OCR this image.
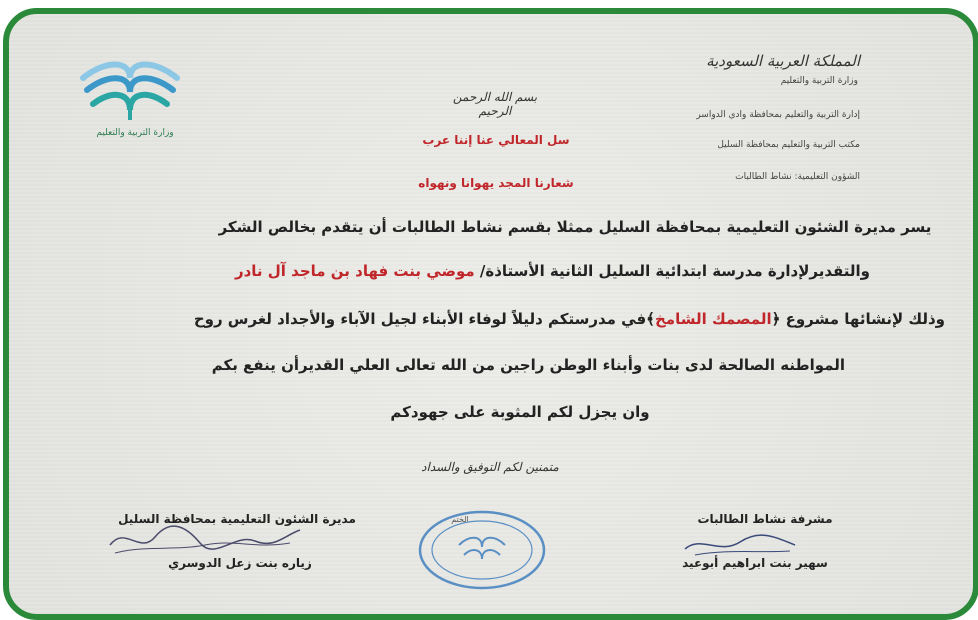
وزارة التربية والتعليم
المملكة العربية السعودية
وزارة التربية والتعليم
إدارة التربية والتعليم بمحافظة وادي الدواسر
مكتب التربية والتعليم بمحافظة السليل
الشؤون التعليمية: نشاط الطالبات
بسم الله الرحمن الرحيم
سل المعالي عنا إننا عرب
شعارنا المجد يهوانا ونهواه
يسر مديرة الشئون التعليمية بمحافظة السليل ممثلا بقسم نشاط الطالبات أن يتقدم بخالص الشكر
والتقديرلإدارة مدرسة ابتدائية السليل الثانية الأستاذة/ موضي بنت فهاد بن ماجد آل نادر
وذلك لإنشائها مشروع ﴿المصمك الشامخ﴾في مدرستكم دليلاً لوفاء الأبناء لجيل الآباء والأجداد لغرس روح
المواطنه الصالحة لدى بنات وأبناء الوطن راجين من الله تعالى العلي القديرأن ينفع بكم
وان يجزل لكم المثوبة على جهودكم
متمنين لكم التوفيق والسداد
مديرة الشئون التعليمية بمحافظة السليل
زياره بنت زعل الدوسري
الختم	مشرفة نشاط الطالبات
سهير بنت ابراهيم أبوعيد
